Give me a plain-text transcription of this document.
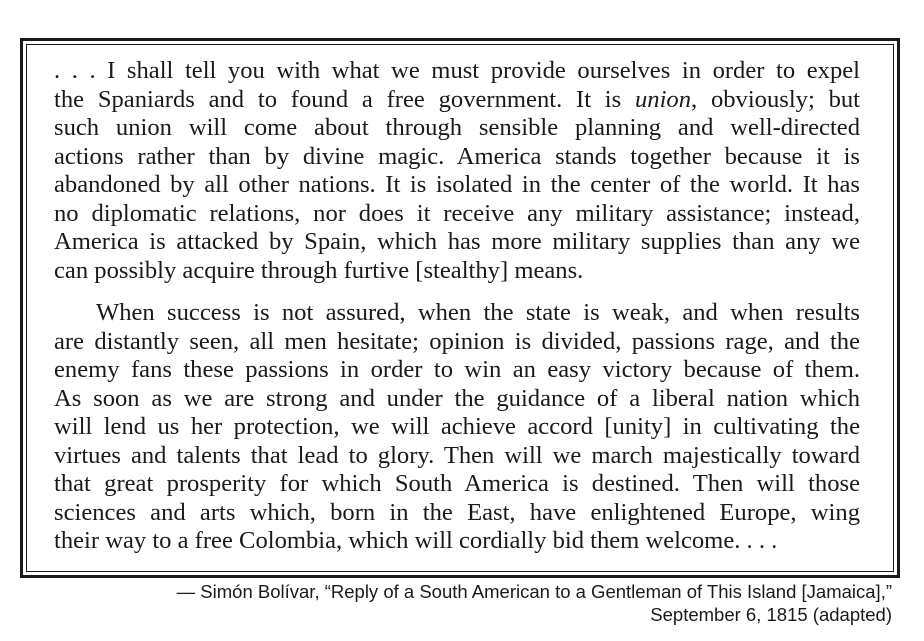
. . . I shall tell you with what we must provide ourselves in order to expel
the Spaniards and to found a free government. It is union, obviously; but
such union will come about through sensible planning and well-directed
actions rather than by divine magic. America stands together because it is
abandoned by all other nations. It is isolated in the center of the world. It has
no diplomatic relations, nor does it receive any military assistance; instead,
America is attacked by Spain, which has more military supplies than any we
can possibly acquire through furtive [stealthy] means.
When success is not assured, when the state is weak, and when results
are distantly seen, all men hesitate; opinion is divided, passions rage, and the
enemy fans these passions in order to win an easy victory because of them.
As soon as we are strong and under the guidance of a liberal nation which
will lend us her protection, we will achieve accord [unity] in cultivating the
virtues and talents that lead to glory. Then will we march majestically toward
that great prosperity for which South America is destined. Then will those
sciences and arts which, born in the East, have enlightened Europe, wing
their way to a free Colombia, which will cordially bid them welcome. . . .
— Simón Bolívar, “Reply of a South American to a Gentleman of This Island [Jamaica],”
September 6, 1815 (adapted)
